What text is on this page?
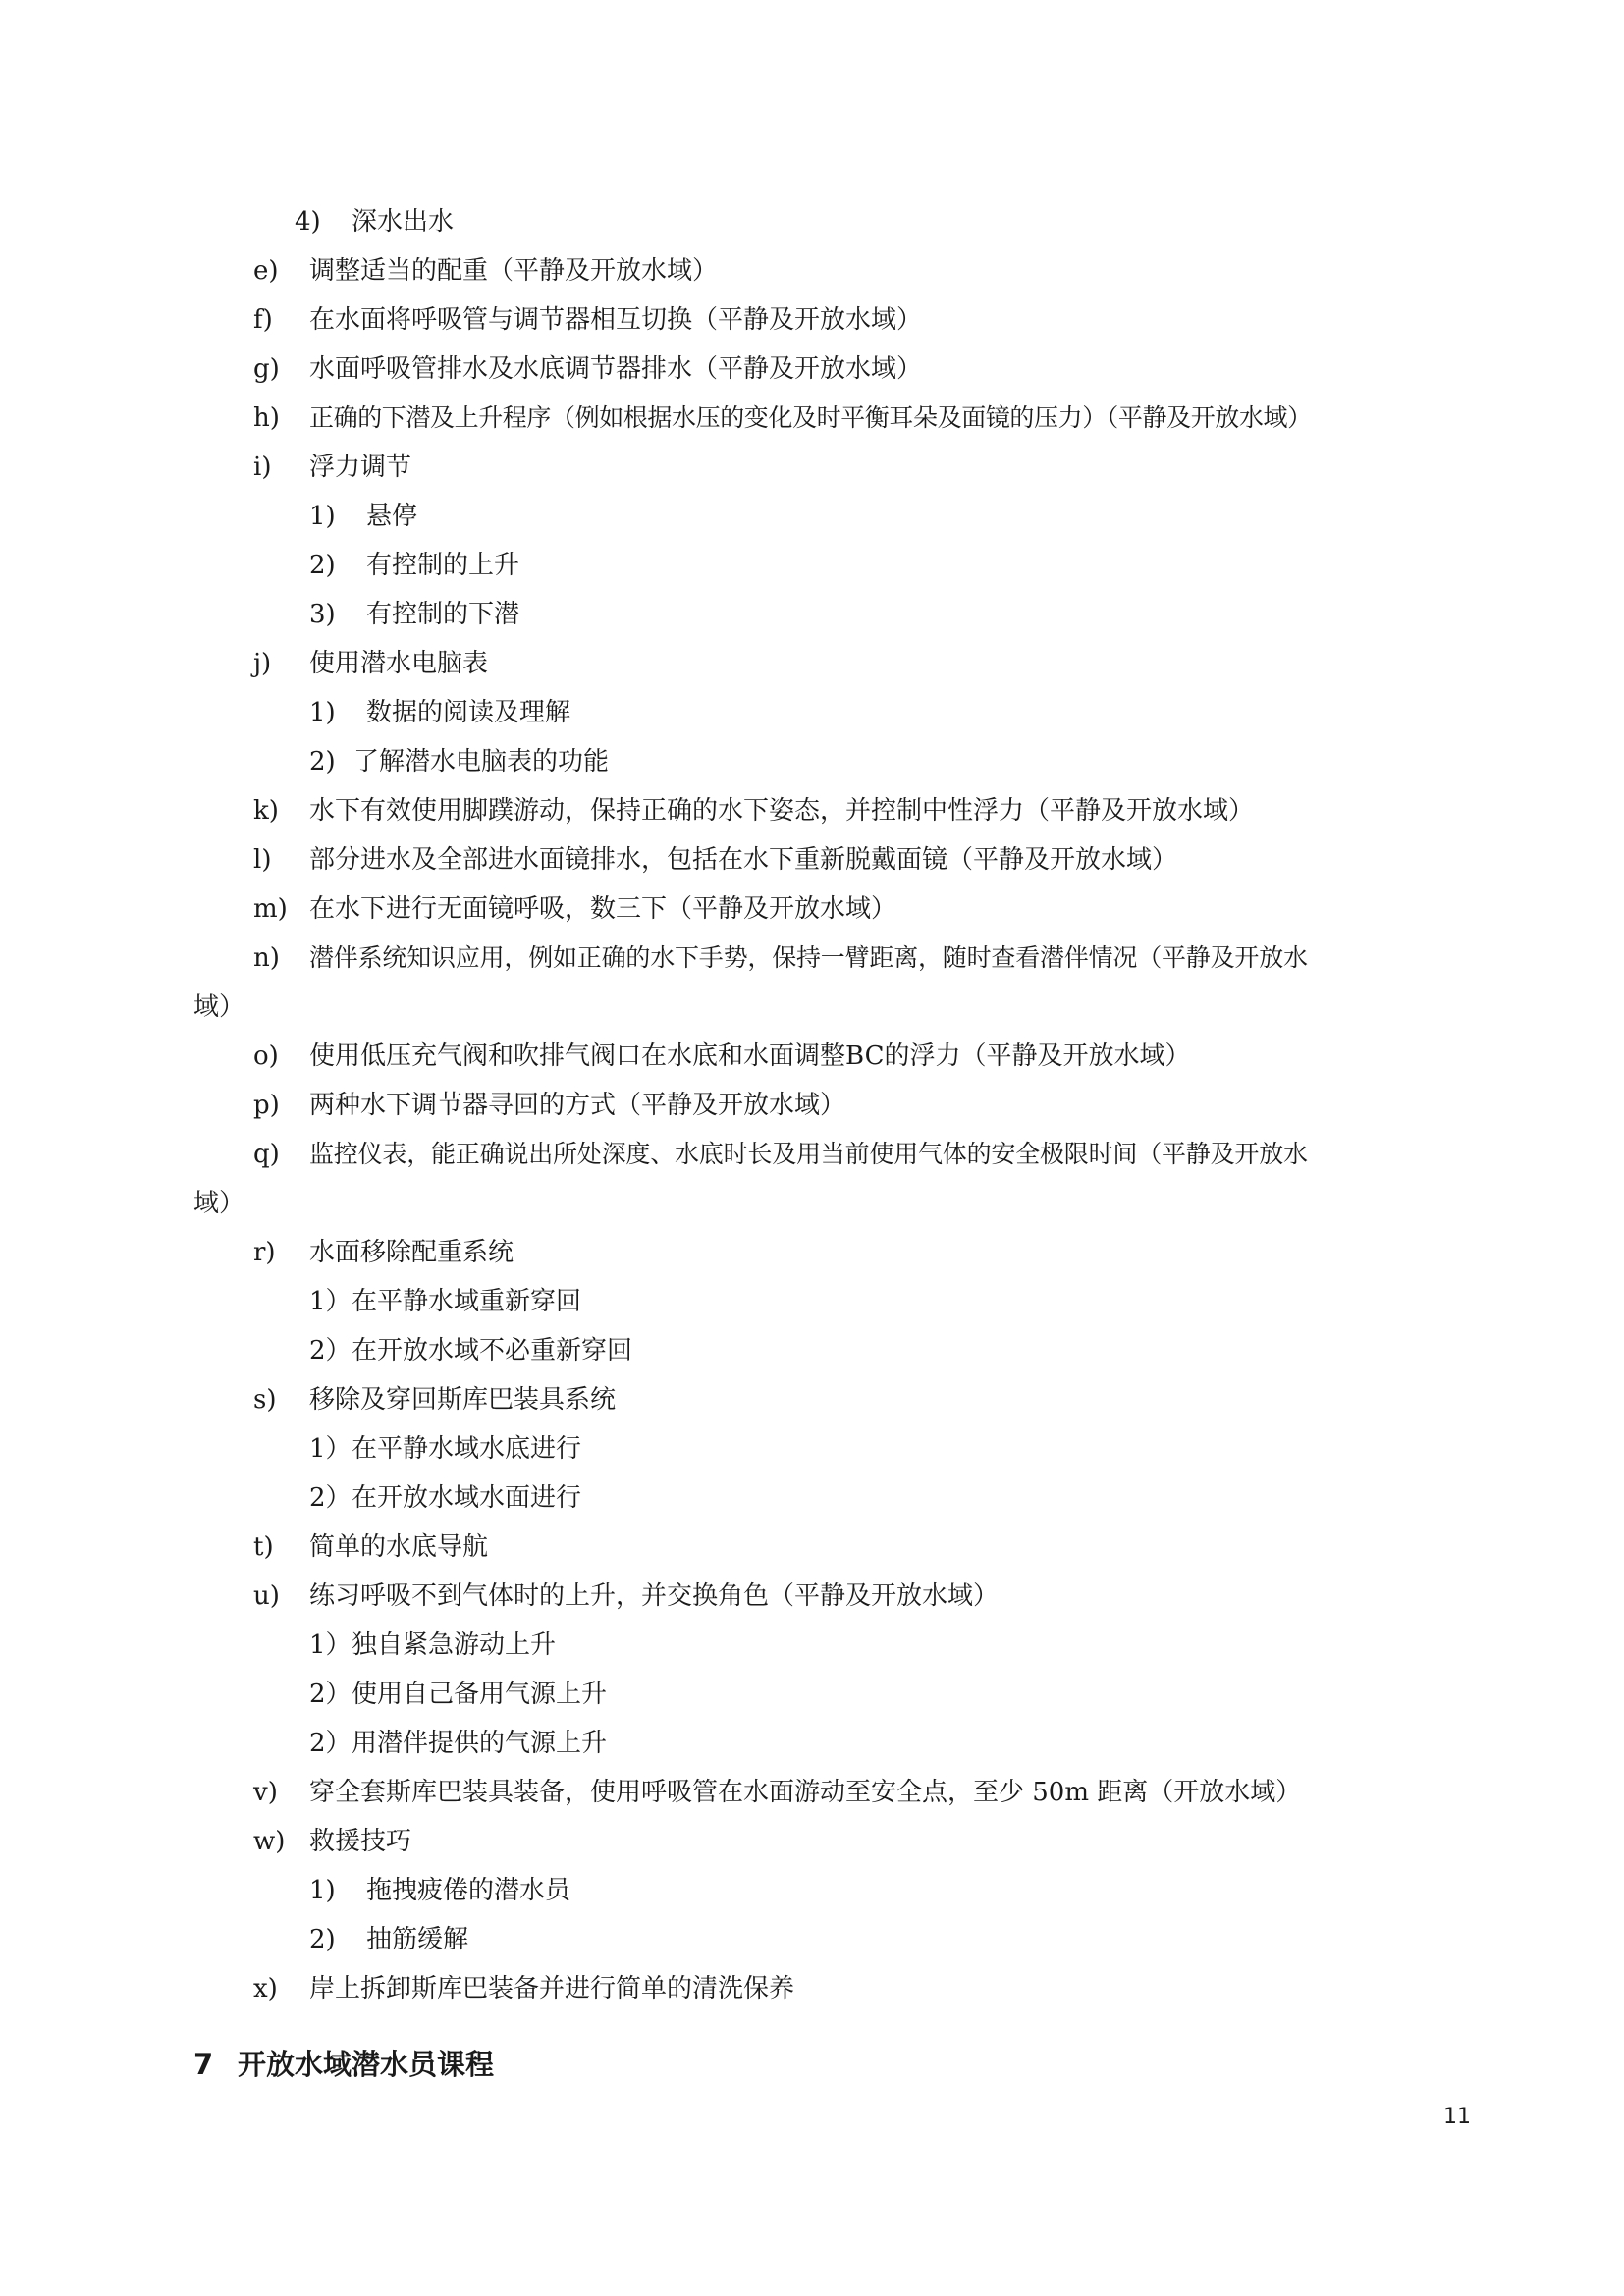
4) 深水出水
e) 调整适当的配重（平静及开放水域）
f) 在水面将呼吸管与调节器相互切换（平静及开放水域）
g) 水面呼吸管排水及水底调节器排水（平静及开放水域）
h) 正确的下潜及上升程序（例如根据水压的变化及时平衡耳朵及面镜的压力）（平静及开放水域）
i) 浮力调节
1) 悬停
2) 有控制的上升
3) 有控制的下潜
j) 使用潜水电脑表
1) 数据的阅读及理解
2) 了解潜水电脑表的功能
k) 水下有效使用脚蹼游动，保持正确的水下姿态，并控制中性浮力（平静及开放水域）
l) 部分进水及全部进水面镜排水，包括在水下重新脱戴面镜（平静及开放水域）
m) 在水下进行无面镜呼吸，数三下（平静及开放水域）
n) 潜伴系统知识应用，例如正确的水下手势，保持一臂距离，随时查看潜伴情况（平静及开放水
域）
o) 使用低压充气阀和吹排气阀口在水底和水面调整BC的浮力（平静及开放水域）
p) 两种水下调节器寻回的方式（平静及开放水域）
q) 监控仪表，能正确说出所处深度、水底时长及用当前使用气体的安全极限时间（平静及开放水
域）
r) 水面移除配重系统
1） 在平静水域重新穿回
2） 在开放水域不必重新穿回
s) 移除及穿回斯库巴装具系统
1） 在平静水域水底进行
2） 在开放水域水面进行
t) 简单的水底导航
u) 练习呼吸不到气体时的上升，并交换角色（平静及开放水域）
1） 独自紧急游动上升
2） 使用自己备用气源上升
2） 用潜伴提供的气源上升
v) 穿全套斯库巴装具装备，使用呼吸管在水面游动至安全点，至少 50m 距离（开放水域）
w) 救援技巧
1) 拖拽疲倦的潜水员
2) 抽筋缓解
x) 岸上拆卸斯库巴装备并进行简单的清洗保养
7 开放水域潜水员课程
11
